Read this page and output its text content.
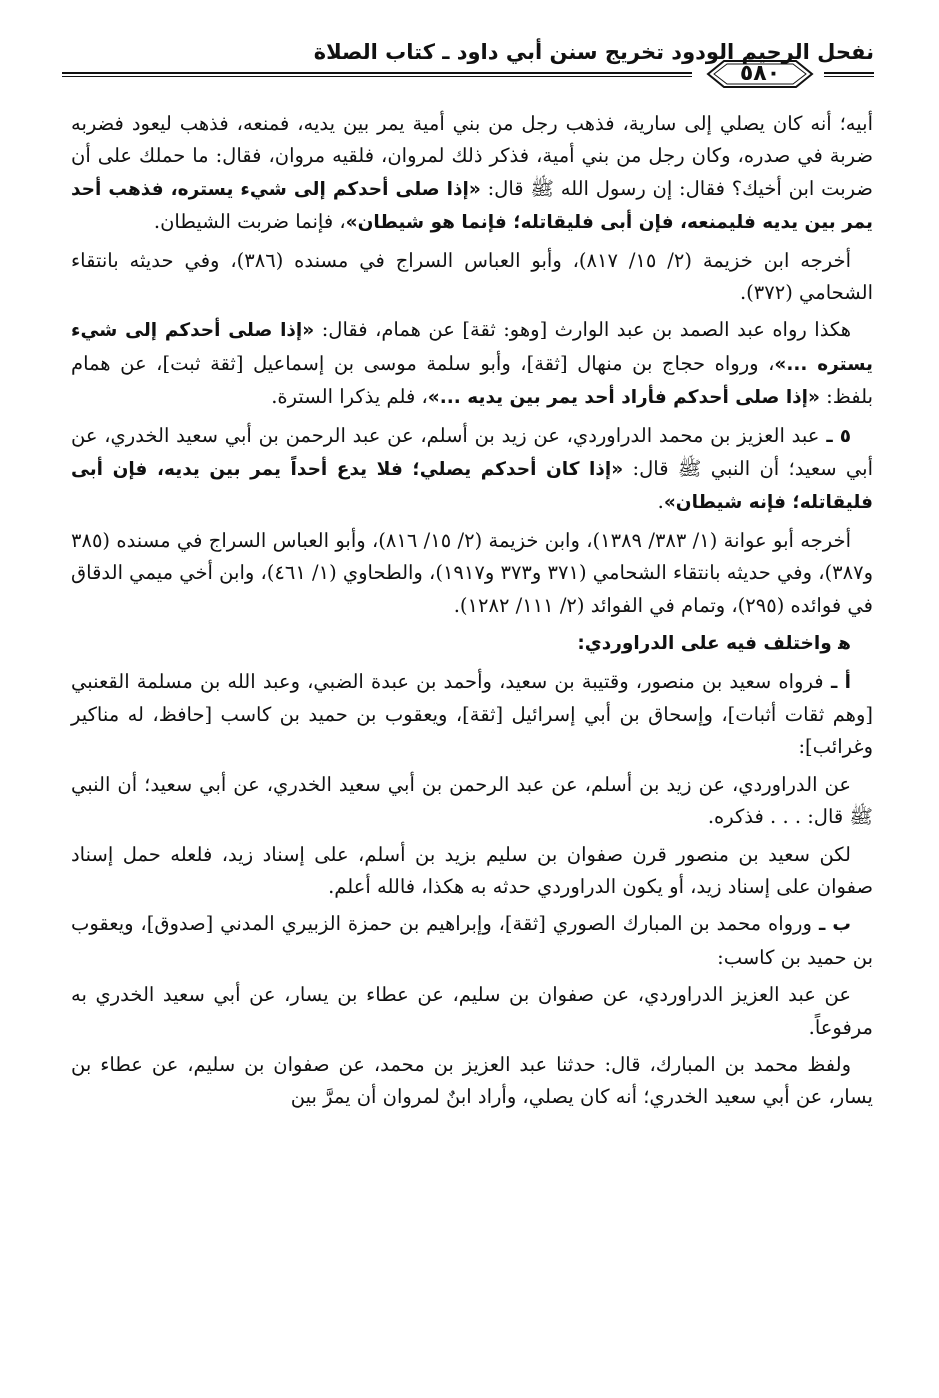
نفحل الرحيم الودود تخريج سنن أبي داود ـ كتاب الصلاة
٥٨٠

أبيه؛ أنه كان يصلي إلى سارية، فذهب رجل من بني أمية يمر بين يديه، فمنعه، فذهب ليعود فضربه ضربة في صدره، وكان رجل من بني أمية، فذكر ذلك لمروان، فلقيه مروان، فقال: ما حملك على أن ضربت ابن أخيك؟ فقال: إن رسول الله ﷺ قال: «إذا صلى أحدكم إلى شيء يستره، فذهب أحد يمر بين يديه فليمنعه، فإن أبى فليقاتله؛ فإنما هو شيطان»، فإنما ضربت الشيطان.

أخرجه ابن خزيمة (٢/ ١٥/ ٨١٧)، وأبو العباس السراج في مسنده (٣٨٦)، وفي حديثه بانتقاء الشحامي (٣٧٢).

هكذا رواه عبد الصمد بن عبد الوارث [وهو: ثقة] عن همام، فقال: «إذا صلى أحدكم إلى شيء يستره ...»، ورواه حجاج بن منهال [ثقة]، وأبو سلمة موسى بن إسماعيل [ثقة ثبت]، عن همام بلفظ: «إذا صلى أحدكم فأراد أحد يمر بين يديه ...»، فلم يذكرا السترة.

٥ ـ عبد العزيز بن محمد الدراوردي، عن زيد بن أسلم، عن عبد الرحمن بن أبي سعيد الخدري، عن أبي سعيد؛ أن النبي ﷺ قال: «إذا كان أحدكم يصلي؛ فلا يدع أحداً يمر بين يديه، فإن أبى فليقاتله؛ فإنه شيطان».

أخرجه أبو عوانة (١/ ٣٨٣/ ١٣٨٩)، وابن خزيمة (٢/ ١٥/ ٨١٦)، وأبو العباس السراج في مسنده (٣٨٥ و٣٨٧)، وفي حديثه بانتقاء الشحامي (٣٧١ و٣٧٣ و١٩١٧)، والطحاوي (١/ ٤٦١)، وابن أخي ميمي الدقاق في فوائده (٢٩٥)، وتمام في الفوائد (٢/ ١١١/ ١٢٨٢).

ﻫ واختلف فيه على الدراوردي:

أ ـ فرواه سعيد بن منصور، وقتيبة بن سعيد، وأحمد بن عبدة الضبي، وعبد الله بن مسلمة القعنبي [وهم ثقات أثبات]، وإسحاق بن أبي إسرائيل [ثقة]، ويعقوب بن حميد بن كاسب [حافظ، له مناكير وغرائب]:

عن الدراوردي، عن زيد بن أسلم، عن عبد الرحمن بن أبي سعيد الخدري، عن أبي سعيد؛ أن النبي ﷺ قال: . . . فذكره.

لكن سعيد بن منصور قرن صفوان بن سليم بزيد بن أسلم، على إسناد زيد، فلعله حمل إسناد صفوان على إسناد زيد، أو يكون الدراوردي حدثه به هكذا، فالله أعلم.

ب ـ ورواه محمد بن المبارك الصوري [ثقة]، وإبراهيم بن حمزة الزبيري المدني [صدوق]، ويعقوب بن حميد بن كاسب:

عن عبد العزيز الدراوردي، عن صفوان بن سليم، عن عطاء بن يسار، عن أبي سعيد الخدري به مرفوعاً.

ولفظ محمد بن المبارك، قال: حدثنا عبد العزيز بن محمد، عن صفوان بن سليم، عن عطاء بن يسار، عن أبي سعيد الخدري؛ أنه كان يصلي، وأراد ابنٌ لمروان أن يمرَّ بين
